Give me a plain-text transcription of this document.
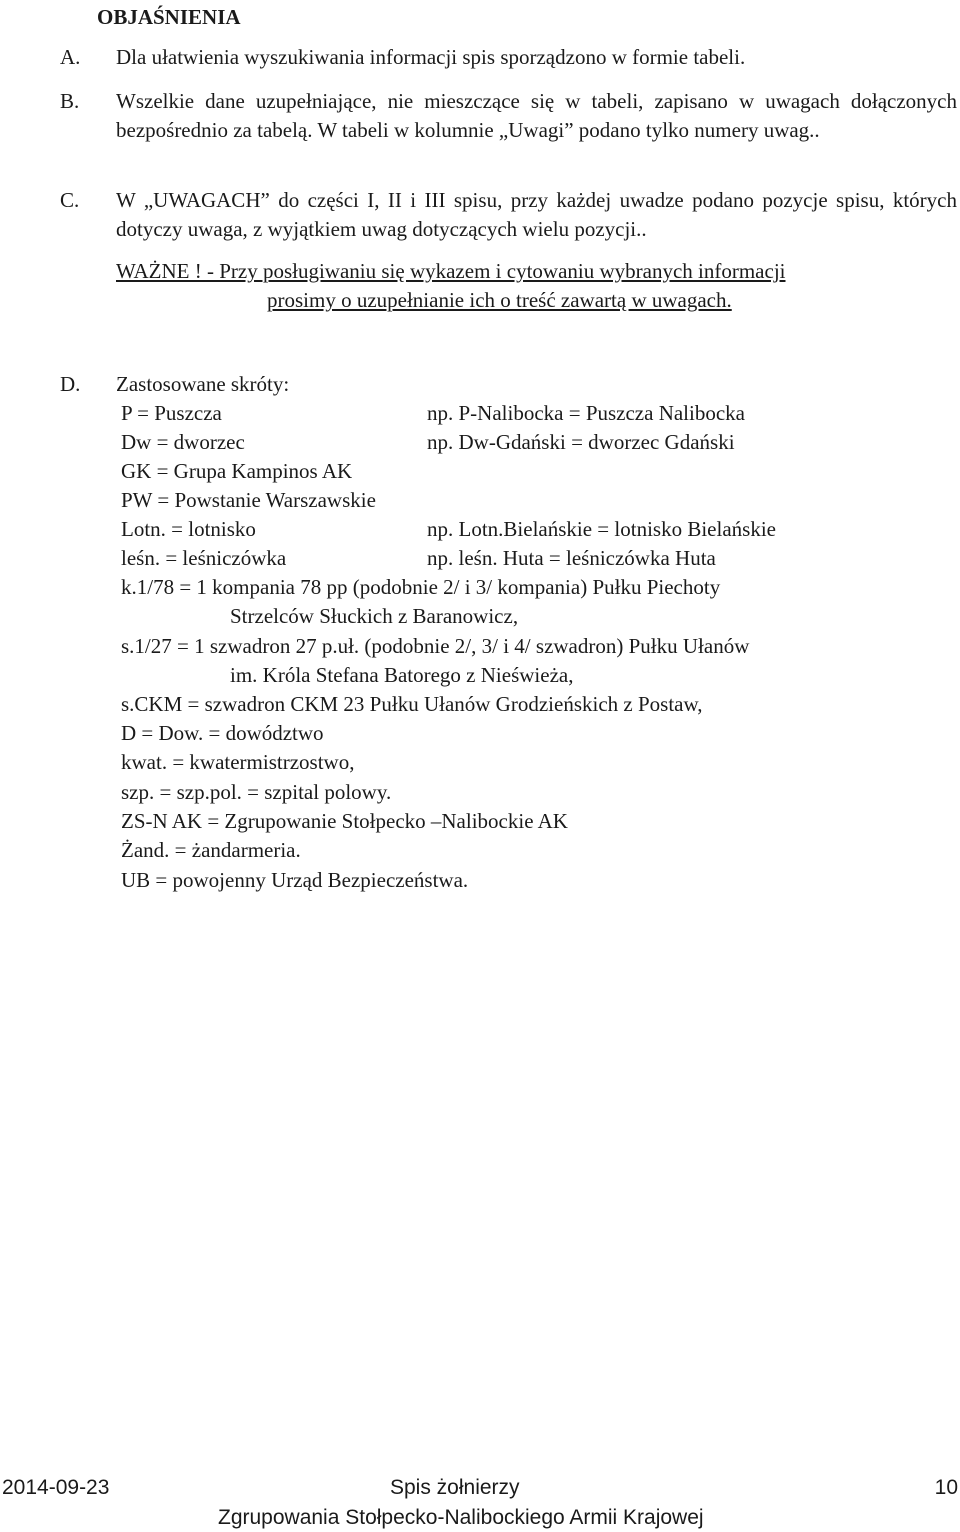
OBJAŚNIENIA
A. Dla ułatwienia wyszukiwania informacji spis sporządzono w formie tabeli.
B. Wszelkie dane uzupełniające, nie mieszczące się w tabeli, zapisano w uwagach dołączonych bezpośrednio za tabelą. W tabeli w kolumnie „Uwagi” podano tylko numery uwag..
C. W „UWAGACH” do części I, II i III spisu, przy każdej uwadze podano pozycje spisu, których dotyczy uwaga, z wyjątkiem uwag dotyczących wielu pozycji..
WAŻNE ! - Przy posługiwaniu się wykazem i cytowaniu wybranych informacji
prosimy o uzupełnianie ich o treść zawartą w uwagach.
D. Zastosowane skróty:
P = Puszcza	np. P-Nalibocka = Puszcza Nalibocka
Dw = dworzec	np. Dw-Gdański = dworzec Gdański
GK = Grupa Kampinos AK
PW = Powstanie Warszawskie
Lotn. = lotnisko	np. Lotn.Bielańskie = lotnisko Bielańskie
leśn. = leśniczówka	np. leśn. Huta = leśniczówka Huta
k.1/78 = 1 kompania 78 pp (podobnie 2/ i 3/ kompania) Pułku Piechoty
Strzelców Słuckich z Baranowicz,
s.1/27 = 1 szwadron 27 p.uł. (podobnie 2/, 3/ i 4/ szwadron) Pułku Ułanów
im. Króla Stefana Batorego z Nieświeża,
s.CKM = szwadron CKM 23 Pułku Ułanów Grodzieńskich z Postaw,
D = Dow. = dowództwo
kwat. = kwatermistrzostwo,
szp. = szp.pol. = szpital polowy.
ZS-N AK = Zgrupowanie Stołpecko –Nalibockie AK
Żand. = żandarmeria.
UB = powojenny Urząd Bezpieczeństwa.
2014-09-23	Spis żołnierzy
Zgrupowania Stołpecko-Nalibockiego Armii Krajowej
10
